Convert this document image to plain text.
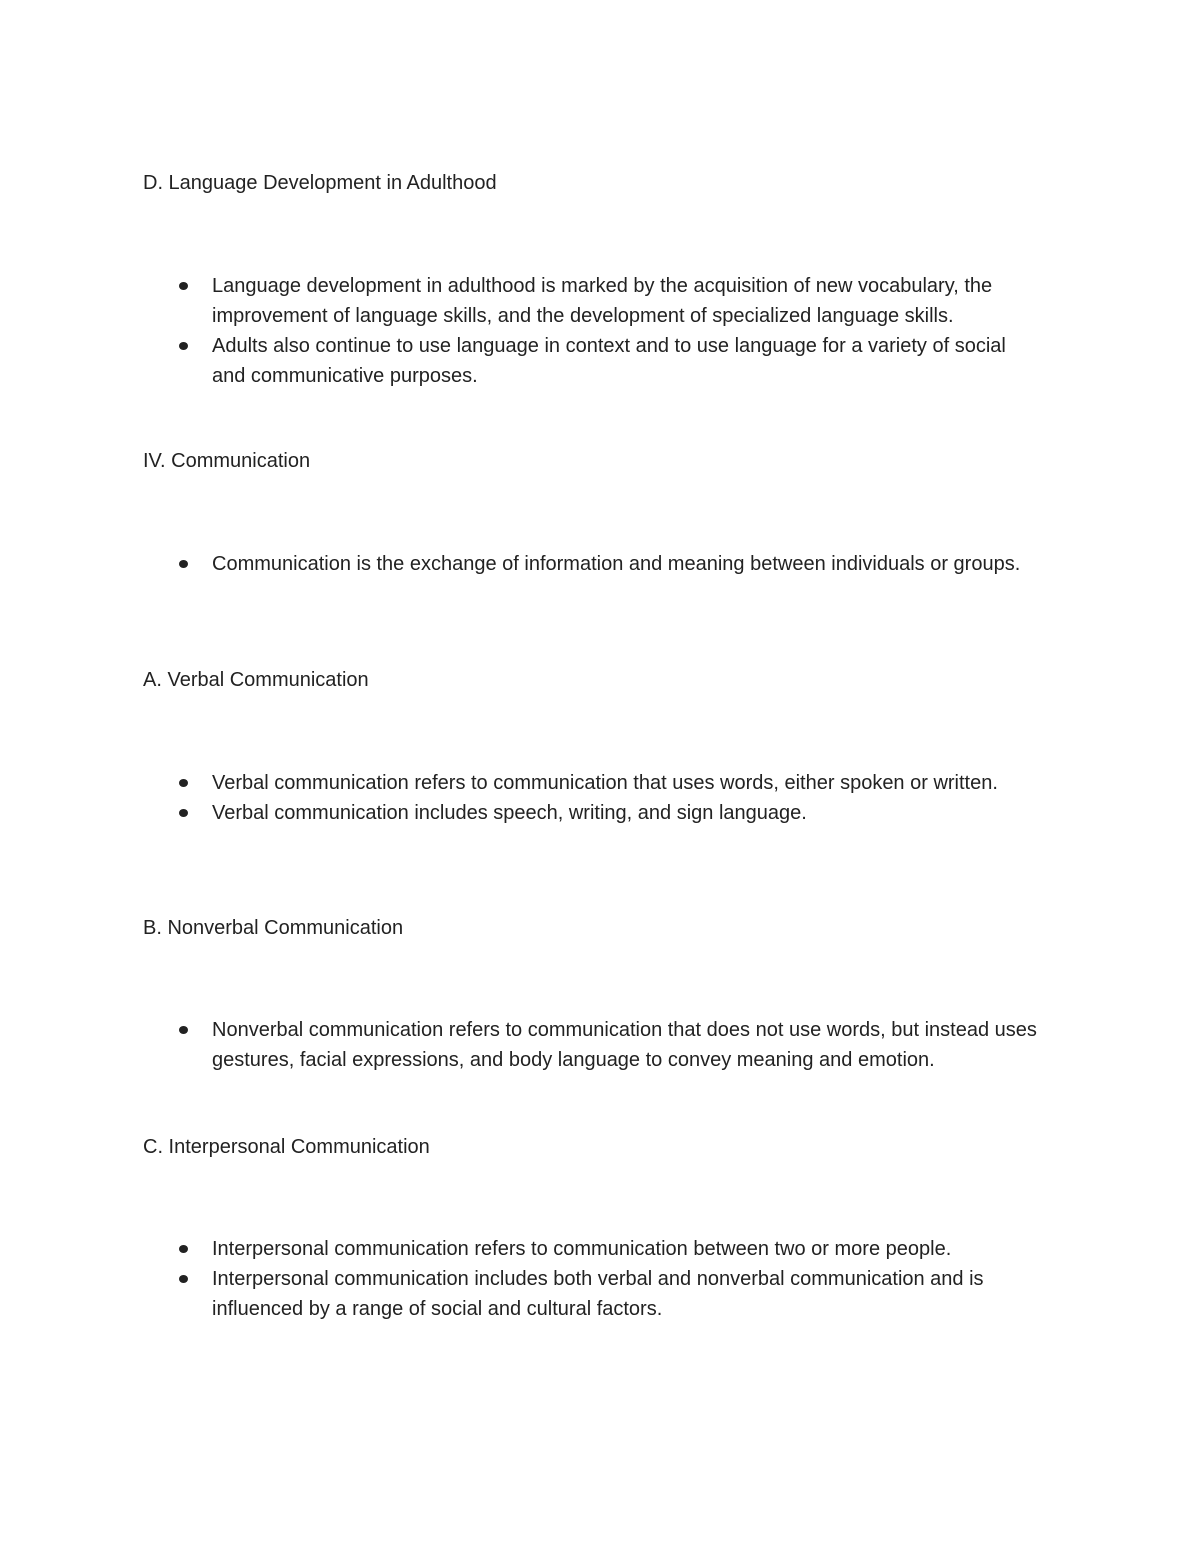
D. Language Development in Adulthood
Language development in adulthood is marked by the acquisition of new vocabulary, the improvement of language skills, and the development of specialized language skills.
Adults also continue to use language in context and to use language for a variety of social and communicative purposes.
IV. Communication
Communication is the exchange of information and meaning between individuals or groups.
A. Verbal Communication
Verbal communication refers to communication that uses words, either spoken or written.
Verbal communication includes speech, writing, and sign language.
B. Nonverbal Communication
Nonverbal communication refers to communication that does not use words, but instead uses gestures, facial expressions, and body language to convey meaning and emotion.
C. Interpersonal Communication
Interpersonal communication refers to communication between two or more people.
Interpersonal communication includes both verbal and nonverbal communication and is influenced by a range of social and cultural factors.
